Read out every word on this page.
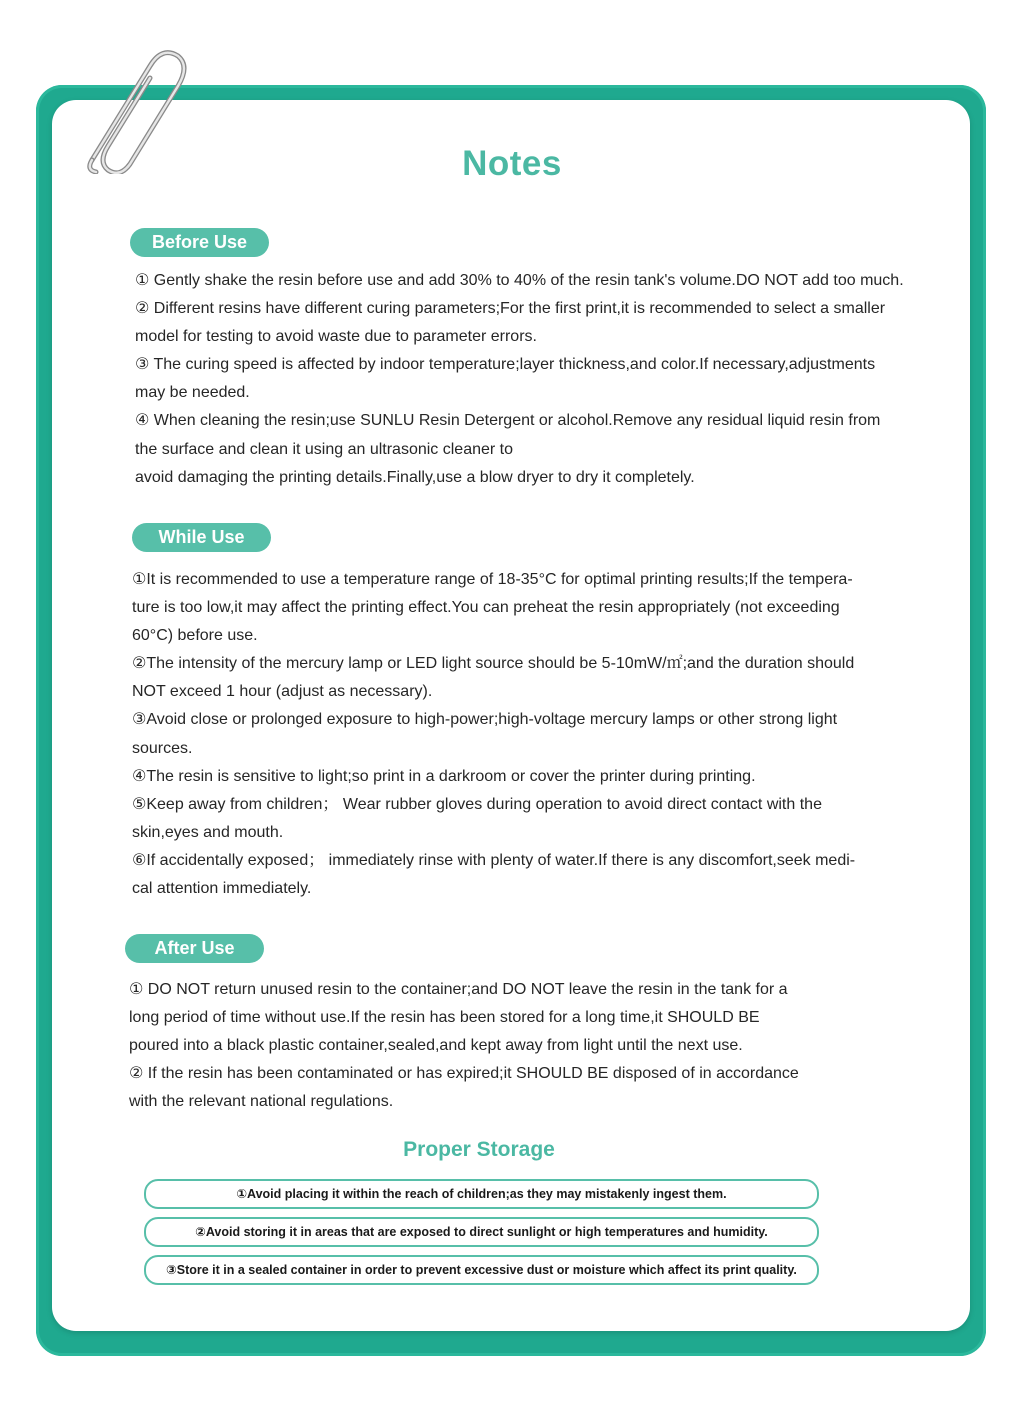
Notes
Before Use
① Gently shake the resin before use and add 30% to 40% of the resin tank's volume.DO NOT add too much.
② Different resins have different curing parameters;For the first print,it is recommended to select a smaller
model for testing to avoid waste due to parameter errors.
③ The curing speed is affected by indoor temperature;layer thickness,and color.If necessary,adjustments
may be needed.
④ When cleaning the resin;use SUNLU Resin Detergent or alcohol.Remove any residual liquid resin from
the surface and clean it using an ultrasonic cleaner to
avoid damaging the printing details.Finally,use a blow dryer to dry it completely.
While Use
①It is recommended to use a temperature range of 18-35°C for optimal printing results;If the tempera-
ture is too low,it may affect the printing effect.You can preheat the resin appropriately (not exceeding
60°C) before use.
②The intensity of the mercury lamp or LED light source should be 5-10mW/㎡;and the duration should
NOT exceed 1 hour (adjust as necessary).
③Avoid close or prolonged exposure to high-power;high-voltage mercury lamps or other strong light
sources.
④The resin is sensitive to light;so print in a darkroom or cover the printer during printing.
⑤Keep away from children； Wear rubber gloves during operation to avoid direct contact with the
skin,eyes and mouth.
⑥If accidentally exposed； immediately rinse with plenty of water.If there is any discomfort,seek medi-
cal attention immediately.
After Use
① DO NOT return unused resin to the container;and DO NOT leave the resin in the tank for a
long period of time without use.If the resin has been stored for a long time,it SHOULD BE
poured into a black plastic container,sealed,and kept away from light until the next use.
② If the resin has been contaminated or has expired;it SHOULD BE disposed of in accordance
with the relevant national regulations.
Proper Storage
①Avoid placing it within the reach of children;as they may mistakenly ingest them.
②Avoid storing it in areas that are exposed to direct sunlight or high temperatures and humidity.
③Store it in a sealed container in order to prevent excessive dust or moisture which affect its print quality.
